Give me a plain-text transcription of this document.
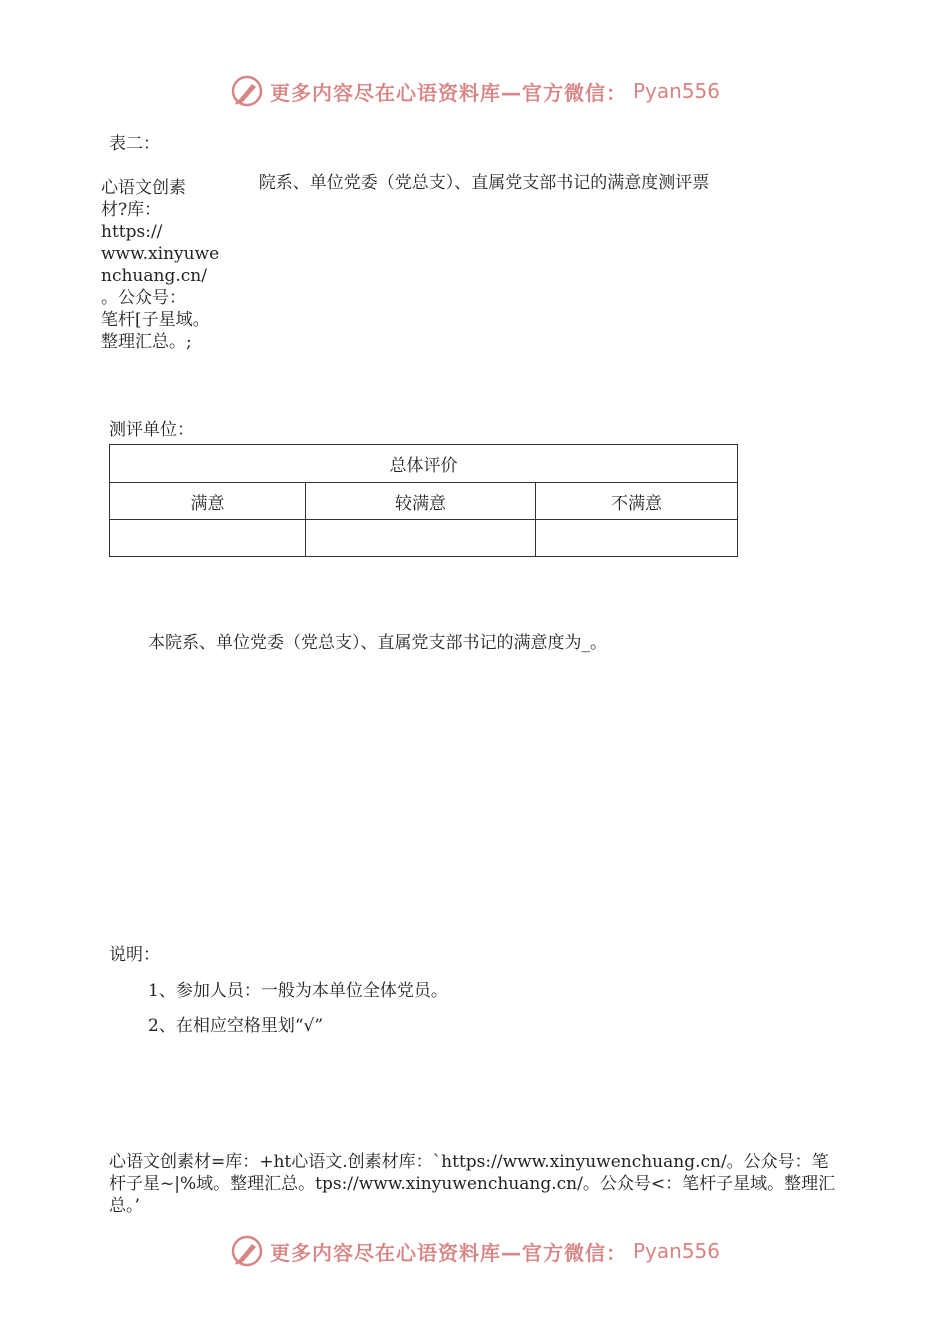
更多内容尽在心语资料库—官方微信： Pyan556
表二：
心语文创素
材?库：
https://
www.xinyuwe
nchuang.cn/
。公众号：
笔杆[子星域。
整理汇总。;
院系、单位党委（党总支）、直属党支部书记的满意度测评票
测评单位：
总体评价		
满意	较满意	不满意

本院系、单位党委（党总支）、直属党支部书记的满意度为_。
说明：
1、参加人员：一般为本单位全体党员。
2、在相应空格里划“√”
心语文创素材=库：+ht心语文.创素材库：`https://www.xinyuwenchuang.cn/。公众号：笔杆子星~|%域。整理汇总。tps://www.xinyuwenchuang.cn/。公众号<：笔杆子星域。整理汇总。’
更多内容尽在心语资料库—官方微信： Pyan556
